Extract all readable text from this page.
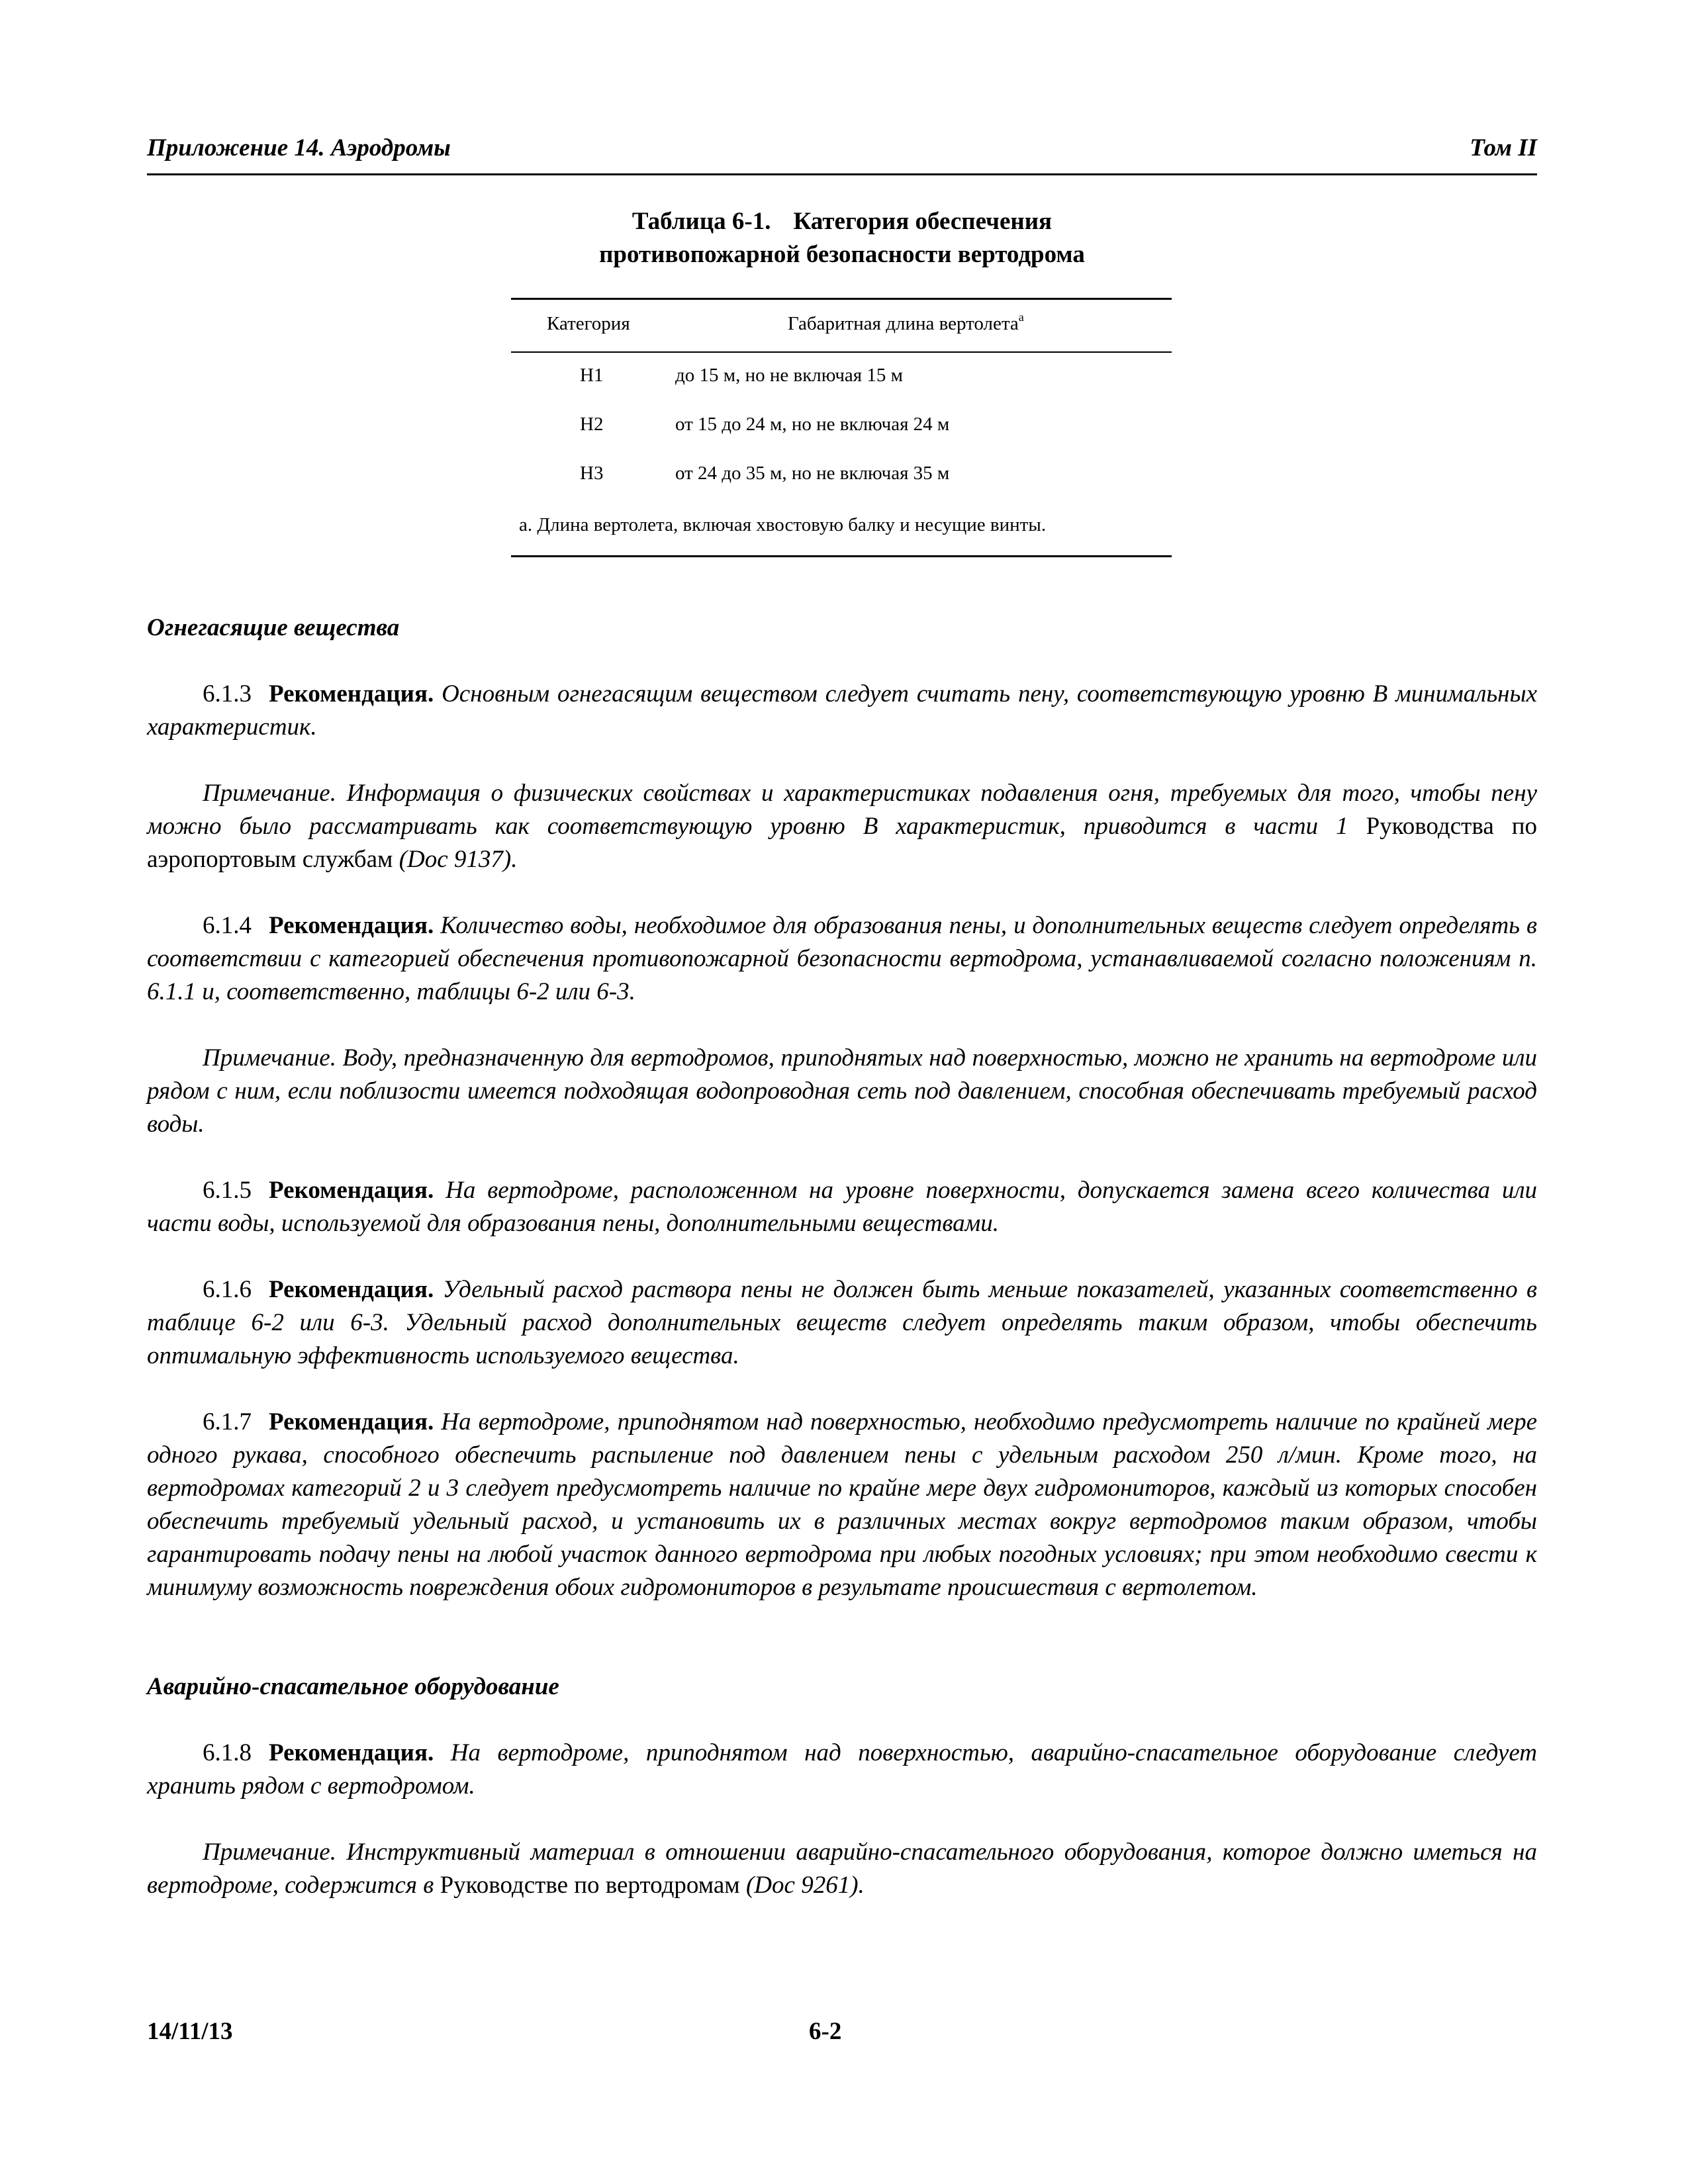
Приложение 14. Аэродромы	Том II
Таблица 6-1. Категория обеспечения
противопожарной безопасности вертодрома
Категория	Габаритная длина вертолета$^a$
H1	до 15 м, но не включая 15 м
H2	от 15 до 24 м, но не включая 24 м
H3	от 24 до 35 м, но не включая 35 м
a. Длина вертолета, включая хвостовую балку и несущие винты.
Огнегасящие вещества

6.1.3 Рекомендация. Основным огнегасящим веществом следует считать пену, соответствующую уровню B минимальных характеристик.

Примечание. Информация о физических свойствах и характеристиках подавления огня, требуемых для того, чтобы пену можно было рассматривать как соответствующую уровню B характеристик, приводится в части 1 Руководства по аэропортовым службам (Doc 9137).

6.1.4 Рекомендация. Количество воды, необходимое для образования пены, и дополнительных веществ следует определять в соответствии с категорией обеспечения противопожарной безопасности вертодрома, устанавливаемой согласно положениям п. 6.1.1 и, соответственно, таблицы 6-2 или 6-3.

Примечание. Воду, предназначенную для вертодромов, приподнятых над поверхностью, можно не хранить на вертодроме или рядом с ним, если поблизости имеется подходящая водопроводная сеть под давлением, способная обеспечивать требуемый расход воды.

6.1.5 Рекомендация. На вертодроме, расположенном на уровне поверхности, допускается замена всего количества или части воды, используемой для образования пены, дополнительными веществами.

6.1.6 Рекомендация. Удельный расход раствора пены не должен быть меньше показателей, указанных соответственно в таблице 6-2 или 6-3. Удельный расход дополнительных веществ следует определять таким образом, чтобы обеспечить оптимальную эффективность используемого вещества.

6.1.7 Рекомендация. На вертодроме, приподнятом над поверхностью, необходимо предусмотреть наличие по крайней мере одного рукава, способного обеспечить распыление под давлением пены с удельным расходом 250 л/мин. Кроме того, на вертодромах категорий 2 и 3 следует предусмотреть наличие по крайне мере двух гидромониторов, каждый из которых способен обеспечить требуемый удельный расход, и установить их в различных местах вокруг вертодромов таким образом, чтобы гарантировать подачу пены на любой участок данного вертодрома при любых погодных условиях; при этом необходимо свести к минимуму возможность повреждения обоих гидромониторов в результате происшествия с вертолетом.

Аварийно-спасательное оборудование

6.1.8 Рекомендация. На вертодроме, приподнятом над поверхностью, аварийно-спасательное оборудование следует хранить рядом с вертодромом.

Примечание. Инструктивный материал в отношении аварийно-спасательного оборудования, которое должно иметься на вертодроме, содержится в Руководстве по вертодромам (Doc 9261).

14/11/13	6-2
